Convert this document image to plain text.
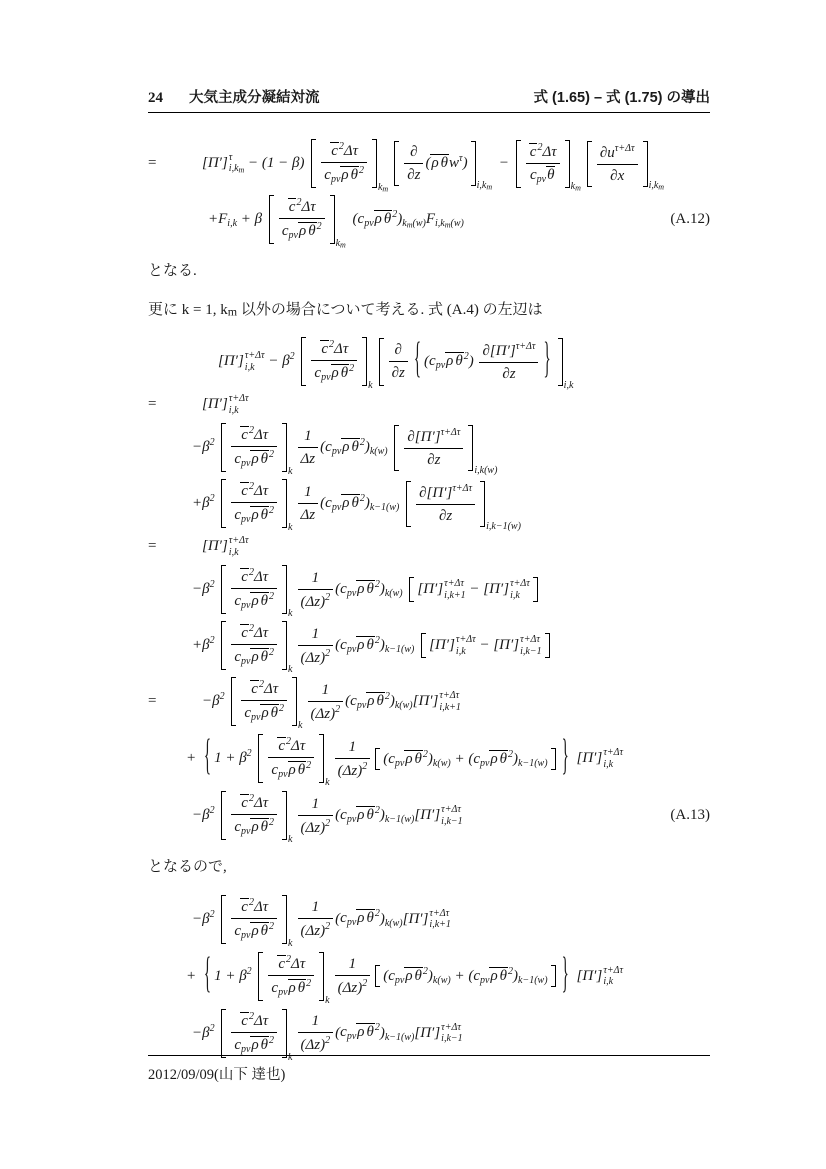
24 大気主成分凝結対流	式 (1.65) – 式 (1.75) の導出
=	[Π′] τ
$i,km - (1 - \beta) \frac{c^2\Delta\tau}{c_{pv}\rho \theta^2}$
km
$\frac{\partial}{\partial z} (\rho$ $\theta w^\tau$)
i,km
− $\frac{c^2\Delta\tau}{c_{pv}\theta}$
km
$\frac{\partial u^{\tau+\Delta\tau}}{\partial x}$
i,km
$+F_{i,k} + \beta \frac{c^2\Delta\tau}{c_{pv}\rho \theta^2}$
km
($c_{pv}\rho$ $\theta^2)_{km(w)}F_{i,km(w)}$	(A.12)
となる.
更に k = 1, km 以外の場合について考える. 式 (A.4) の左辺は
[Π′] τ+Δτ
$i,k - \beta^2 \frac{c^2\Delta\tau}{c_{pv}\rho \theta^2}$
k
$\frac{\partial}{\partial z}$ { ($c_{pv}\rho$ $\theta^2) \frac{\partial[\Pi']^{\tau+\Delta\tau}}{\partial z}$ }
i,k
=	[Π′] τ+Δτ
i,k
$-\beta^2 \frac{c^2\Delta\tau}{c_{pv}\rho \theta^2}$
k
$\frac{1}{\Delta z} (c_{pv}\rho$ $\theta^2)_{k(w)} \frac{\partial[\Pi']^{\tau+\Delta\tau}}{\partial z}$
i,k(w)
$+\beta^2 \frac{c^2\Delta\tau}{c_{pv}\rho \theta^2}$
k
$\frac{1}{\Delta z} (c_{pv}\rho$ $\theta^2)_{k-1(w)} \frac{\partial[\Pi']^{\tau+\Delta\tau}}{\partial z}$
i,k−1(w)
=	[Π′] τ+Δτ
i,k
$-\beta^2 \frac{c^2\Delta\tau}{c_{pv}\rho \theta^2}$
k
$\frac{1}{(\Delta z)^2} (c_{pv}\rho$ $\theta^2)_{k(w)}$ [Π′] τ+Δτ
i,k+1 − [Π′] τ+Δτ
i,k
$+\beta^2 \frac{c^2\Delta\tau}{c_{pv}\rho \theta^2}$
k
$\frac{1}{(\Delta z)^2} (c_{pv}\rho$ $\theta^2)_{k-1(w)}$ [Π′] τ+Δτ
i,k − [Π′] τ+Δτ
i,k−1
=	$-\beta^2 \frac{c^2\Delta\tau}{c_{pv}\rho \theta^2}$
k
$\frac{1}{(\Delta z)^2} (c_{pv}\rho$ $\theta^2)_{k(w)}$ [Π′] τ+Δτ
i,k+1
+ { $1 + \beta^2 \frac{c^2\Delta\tau}{c_{pv}\rho \theta^2}$
k
$\frac{1}{(\Delta z)^2} (c_{pv}\rho$ $\theta^2)_{k(w)} + (c_{pv}\rho$ $\theta^2)_{k-1(w)}$ }
[Π′] τ+Δτ
i,k
$-\beta^2 \frac{c^2\Delta\tau}{c_{pv}\rho \theta^2}$
k
$\frac{1}{(\Delta z)^2} (c_{pv}\rho$ $\theta^2)_{k-1(w)}$ [Π′] τ+Δτ
i,k−1	(A.13)
となるので,
$-\beta^2 \frac{c^2\Delta\tau}{c_{pv}\rho \theta^2}$
k
$\frac{1}{(\Delta z)^2} (c_{pv}\rho$ $\theta^2)_{k(w)}$ [Π′] τ+Δτ
i,k+1
+ { $1 + \beta^2 \frac{c^2\Delta\tau}{c_{pv}\rho \theta^2}$
k
$\frac{1}{(\Delta z)^2} (c_{pv}\rho$ $\theta^2)_{k(w)} + (c_{pv}\rho$ $\theta^2)_{k-1(w)}$ }
[Π′] τ+Δτ
i,k
$-\beta^2 \frac{c^2\Delta\tau}{c_{pv}\rho \theta^2}$
k
$\frac{1}{(\Delta z)^2} (c_{pv}\rho$ $\theta^2)_{k-1(w)}$ [Π′] τ+Δτ
i,k−1
2012/09/09(山下 達也)
